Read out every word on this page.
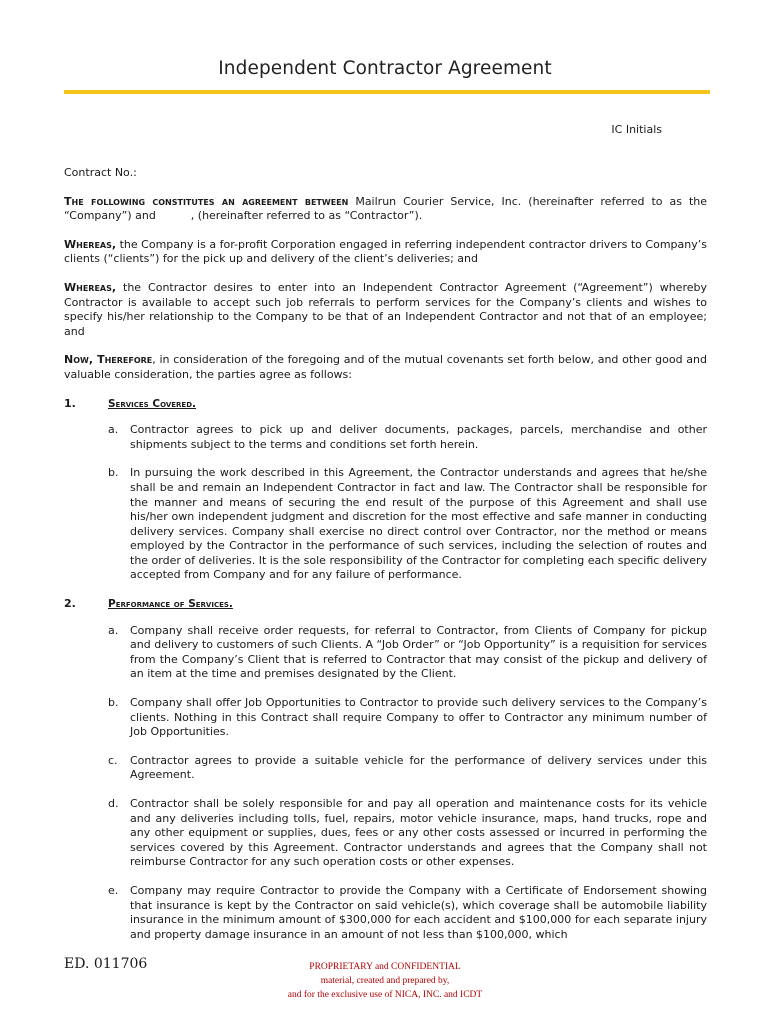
Independent Contractor Agreement
IC Initials

Contract No.:

The following constitutes an agreement between Mailrun Courier Service, Inc. (hereinafter referred to as the “Company”) and          , (hereinafter referred to as “Contractor”).

Whereas, the Company is a for-profit Corporation engaged in referring independent contractor drivers to Company’s clients (“clients”) for the pick up and delivery of the client’s deliveries; and

Whereas, the Contractor desires to enter into an Independent Contractor Agreement (“Agreement”) whereby Contractor is available to accept such job referrals to perform services for the Company’s clients and wishes to specify his/her relationship to the Company to be that of an Independent Contractor and not that of an employee; and

Now, Therefore, in consideration of the foregoing and of the mutual covenants set forth below, and other good and valuable consideration, the parties agree as follows:

1.	Services Covered.
a.	Contractor agrees to pick up and deliver documents, packages, parcels, merchandise and other shipments subject to the terms and conditions set forth herein.
b.	In pursuing the work described in this Agreement, the Contractor understands and agrees that he/she shall be and remain an Independent Contractor in fact and law. The Contractor shall be responsible for the manner and means of securing the end result of the purpose of this Agreement and shall use his/her own independent judgment and discretion for the most effective and safe manner in conducting delivery services. Company shall exercise no direct control over Contractor, nor the method or means employed by the Contractor in the performance of such services, including the selection of routes and the order of deliveries. It is the sole responsibility of the Contractor for completing each specific delivery accepted from Company and for any failure of performance.
2.	Performance of Services.
a.	Company shall receive order requests, for referral to Contractor, from Clients of Company for pickup and delivery to customers of such Clients. A “Job Order” or “Job Opportunity” is a requisition for services from the Company’s Client that is referred to Contractor that may consist of the pickup and delivery of an item at the time and premises designated by the Client.
b.	Company shall offer Job Opportunities to Contractor to provide such delivery services to the Company’s clients. Nothing in this Contract shall require Company to offer to Contractor any minimum number of Job Opportunities.
c.	Contractor agrees to provide a suitable vehicle for the performance of delivery services under this Agreement.
d.	Contractor shall be solely responsible for and pay all operation and maintenance costs for its vehicle and any deliveries including tolls, fuel, repairs, motor vehicle insurance, maps, hand trucks, rope and any other equipment or supplies, dues, fees or any other costs assessed or incurred in performing the services covered by this Agreement. Contractor understands and agrees that the Company shall not reimburse Contractor for any such operation costs or other expenses.
e.	Company may require Contractor to provide the Company with a Certificate of Endorsement showing that insurance is kept by the Contractor on said vehicle(s), which coverage shall be automobile liability insurance in the minimum amount of $300,000 for each accident and $100,000 for each separate injury and property damage insurance in an amount of not less than $100,000, which
ED. 011706	PROPRIETARY and CONFIDENTIAL
material, created and prepared by,
and for the exclusive use of NICA, INC. and ICDT
